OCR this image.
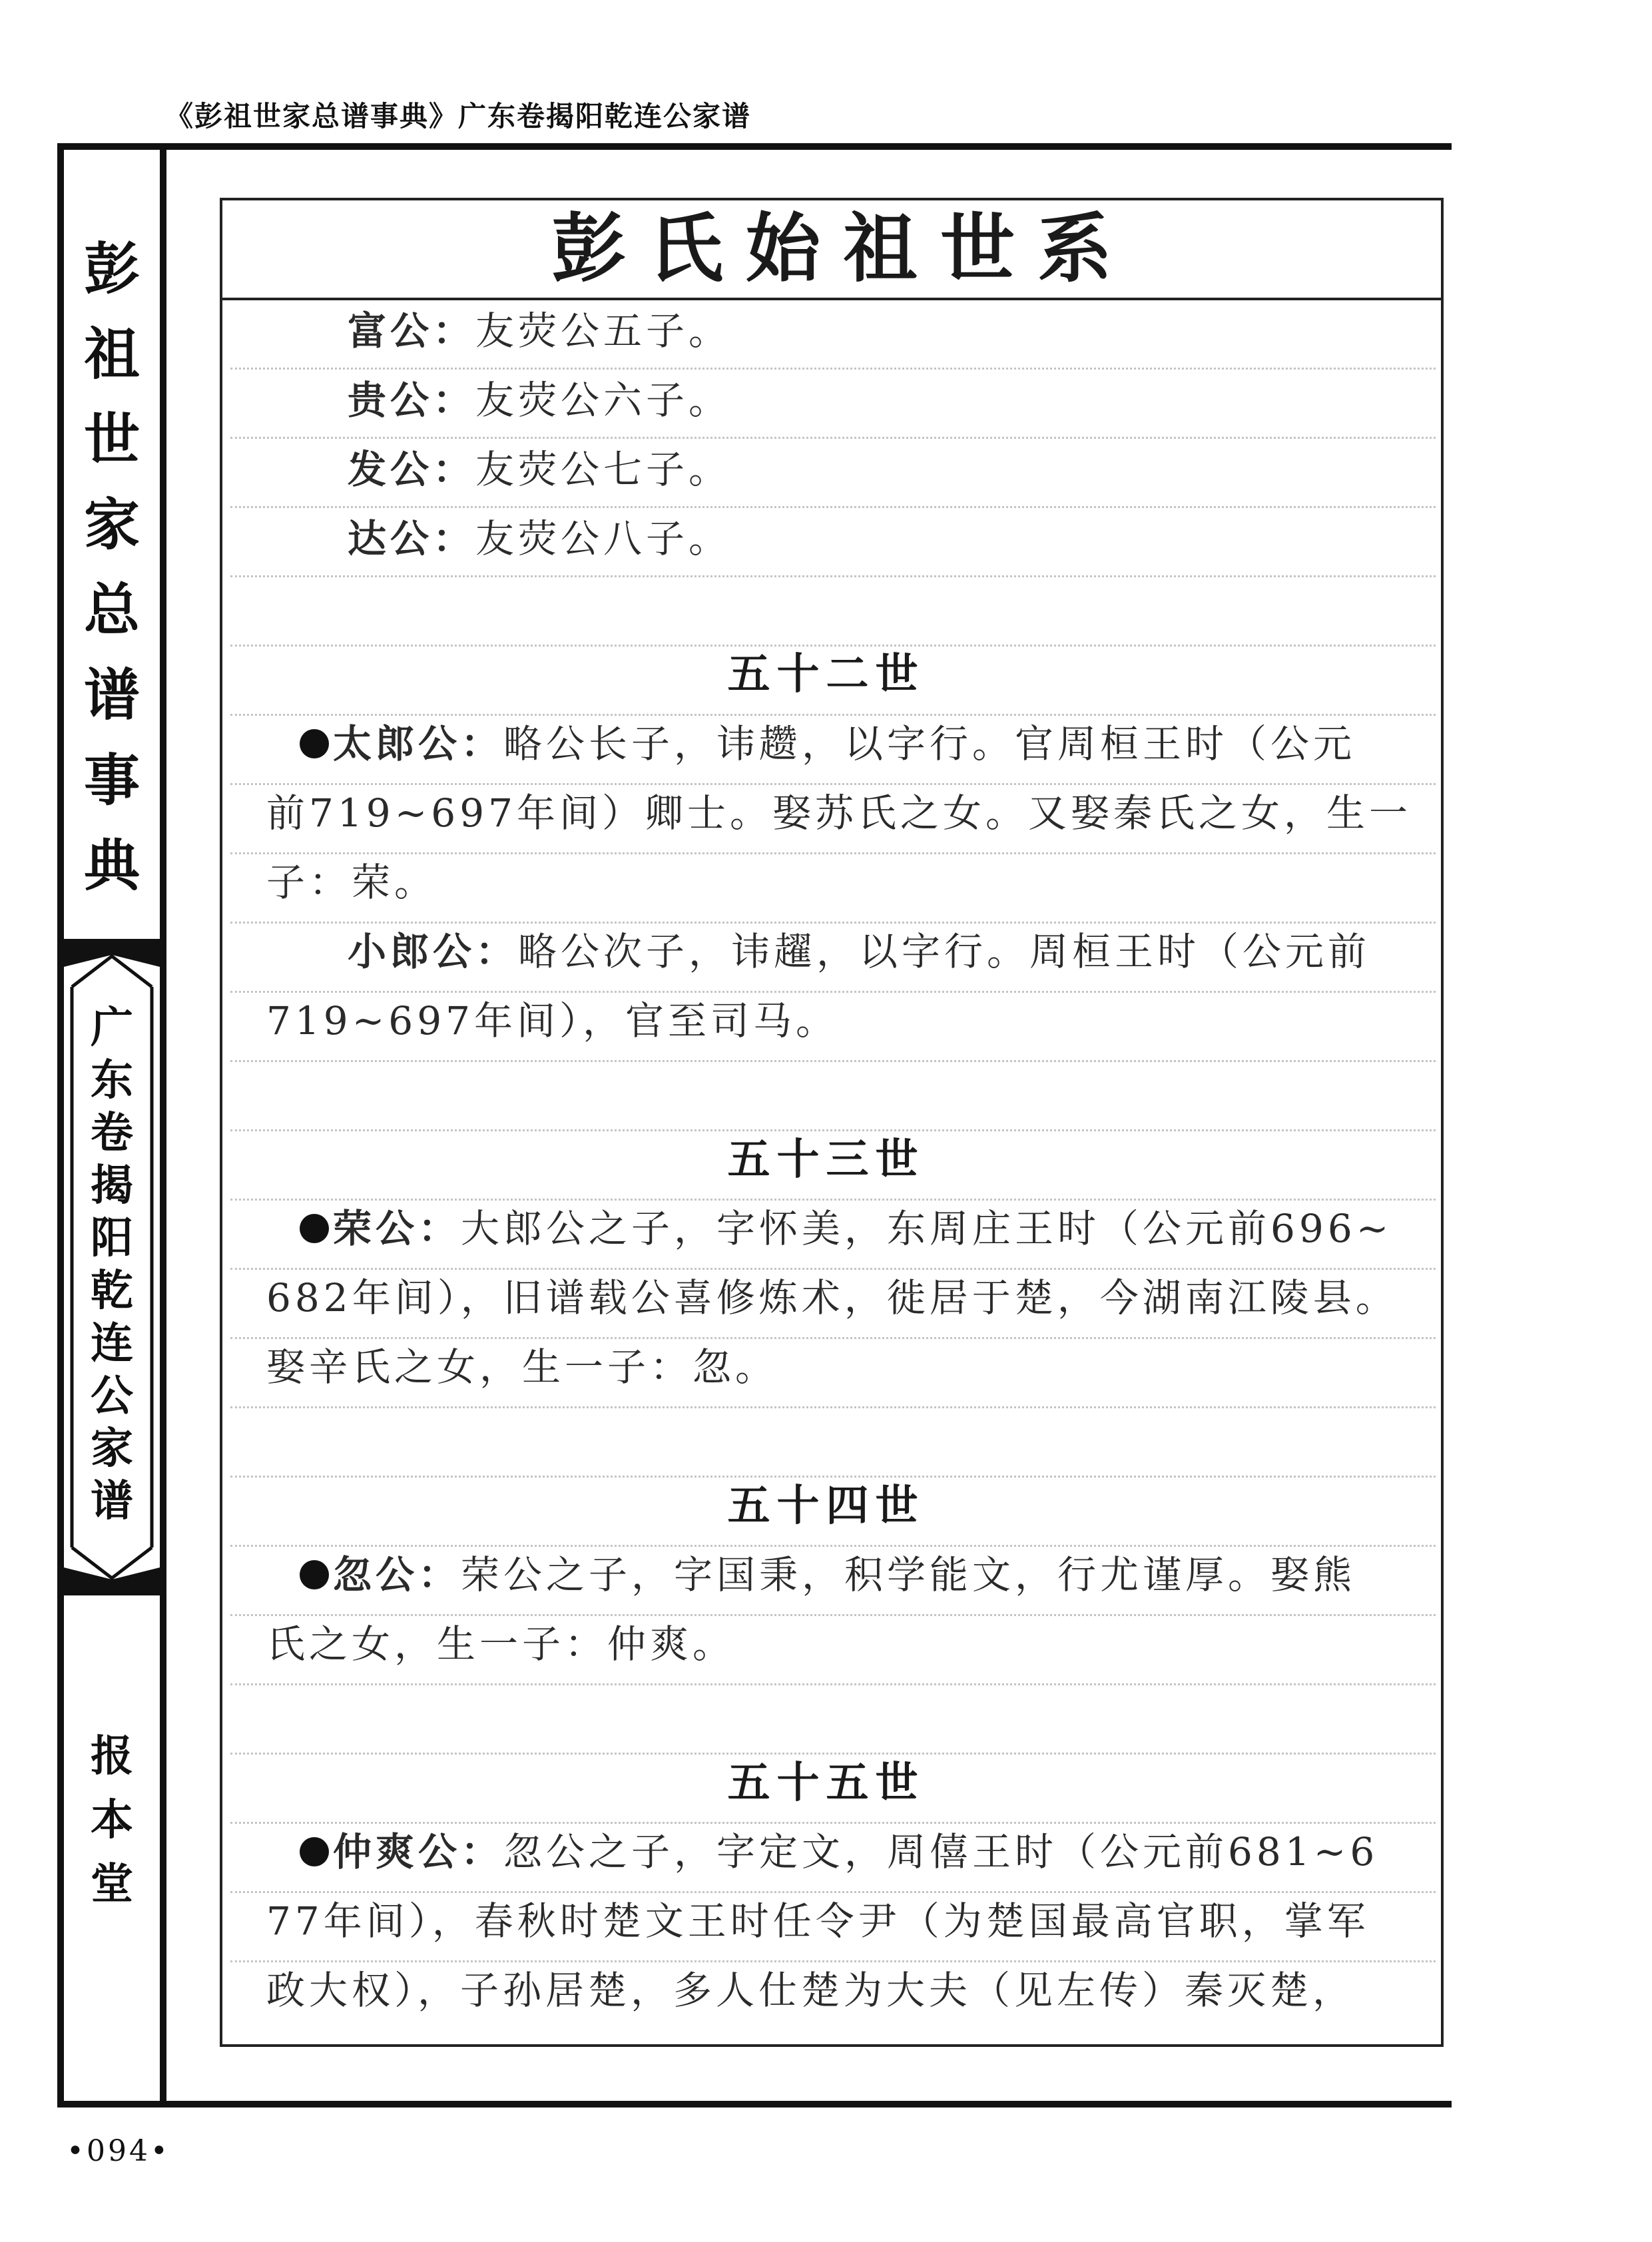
《彭祖世家总谱事典》广东卷揭阳乾连公家谱
彭
祖
世
家
总
谱
事
典
广
东
卷
揭
阳
乾
连
公
家
谱
报
本
堂
彭氏始祖世系
富公：友荧公五子。
贵公：友荧公六子。
发公：友荧公七子。
达公：友荧公八子。
五十二世
太郎公：略公长子，讳趱，以字行。官周桓王时（公元
前719~697年间）卿士。娶苏氏之女。又娶秦氏之女，生一
子：荣。
小郎公：略公次子，讳趯，以字行。周桓王时（公元前
719~697年间），官至司马。
五十三世
荣公：大郎公之子，字怀美，东周庄王时（公元前696~
682年间），旧谱载公喜修炼术，徙居于楚，今湖南江陵县。
娶辛氏之女，生一子：忽。
五十四世
忽公：荣公之子，字国秉，积学能文，行尤谨厚。娶熊
氏之女，生一子：仲爽。
五十五世
仲爽公：忽公之子，字定文，周僖王时（公元前681~6
77年间），春秋时楚文王时任令尹（为楚国最高官职，掌军
政大权），子孙居楚，多人仕楚为大夫（见左传）秦灭楚，
•094•
